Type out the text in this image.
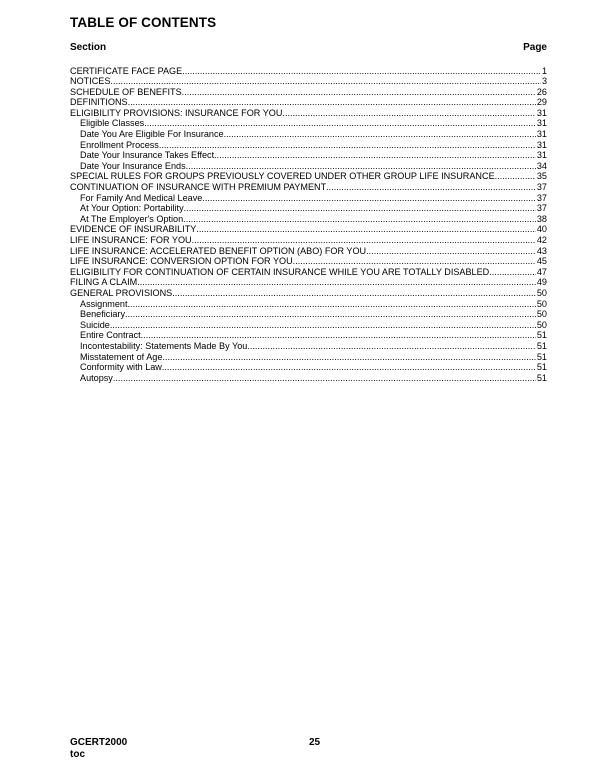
TABLE OF CONTENTS
Section	Page
CERTIFICATE FACE PAGE .....	1
NOTICES .....	3
SCHEDULE OF BENEFITS .....	26
DEFINITIONS .....	29
ELIGIBILITY PROVISIONS: INSURANCE FOR YOU .....	31
Eligible Classes .....	31
Date You Are Eligible For Insurance .....	31
Enrollment Process .....	31
Date Your Insurance Takes Effect .....	31
Date Your Insurance Ends .....	34
SPECIAL RULES FOR GROUPS PREVIOUSLY COVERED UNDER OTHER GROUP LIFE INSURANCE .....	35
CONTINUATION OF INSURANCE WITH PREMIUM PAYMENT .....	37
For Family And Medical Leave .....	37
At Your Option: Portability .....	37
At The Employer's Option .....	38
EVIDENCE OF INSURABILITY .....	40
LIFE INSURANCE: FOR YOU .....	42
LIFE INSURANCE: ACCELERATED BENEFIT OPTION (ABO) FOR YOU .....	43
LIFE INSURANCE: CONVERSION OPTION FOR YOU .....	45
ELIGIBILITY FOR CONTINUATION OF CERTAIN INSURANCE WHILE YOU ARE TOTALLY DISABLED .....	47
FILING A CLAIM .....	49
GENERAL PROVISIONS .....	50
Assignment .....	50
Beneficiary .....	50
Suicide .....	50
Entire Contract .....	51
Incontestability: Statements Made By You .....	51
Misstatement of Age .....	51
Conformity with Law .....	51
Autopsy .....	51
GCERT2000
toc
25
